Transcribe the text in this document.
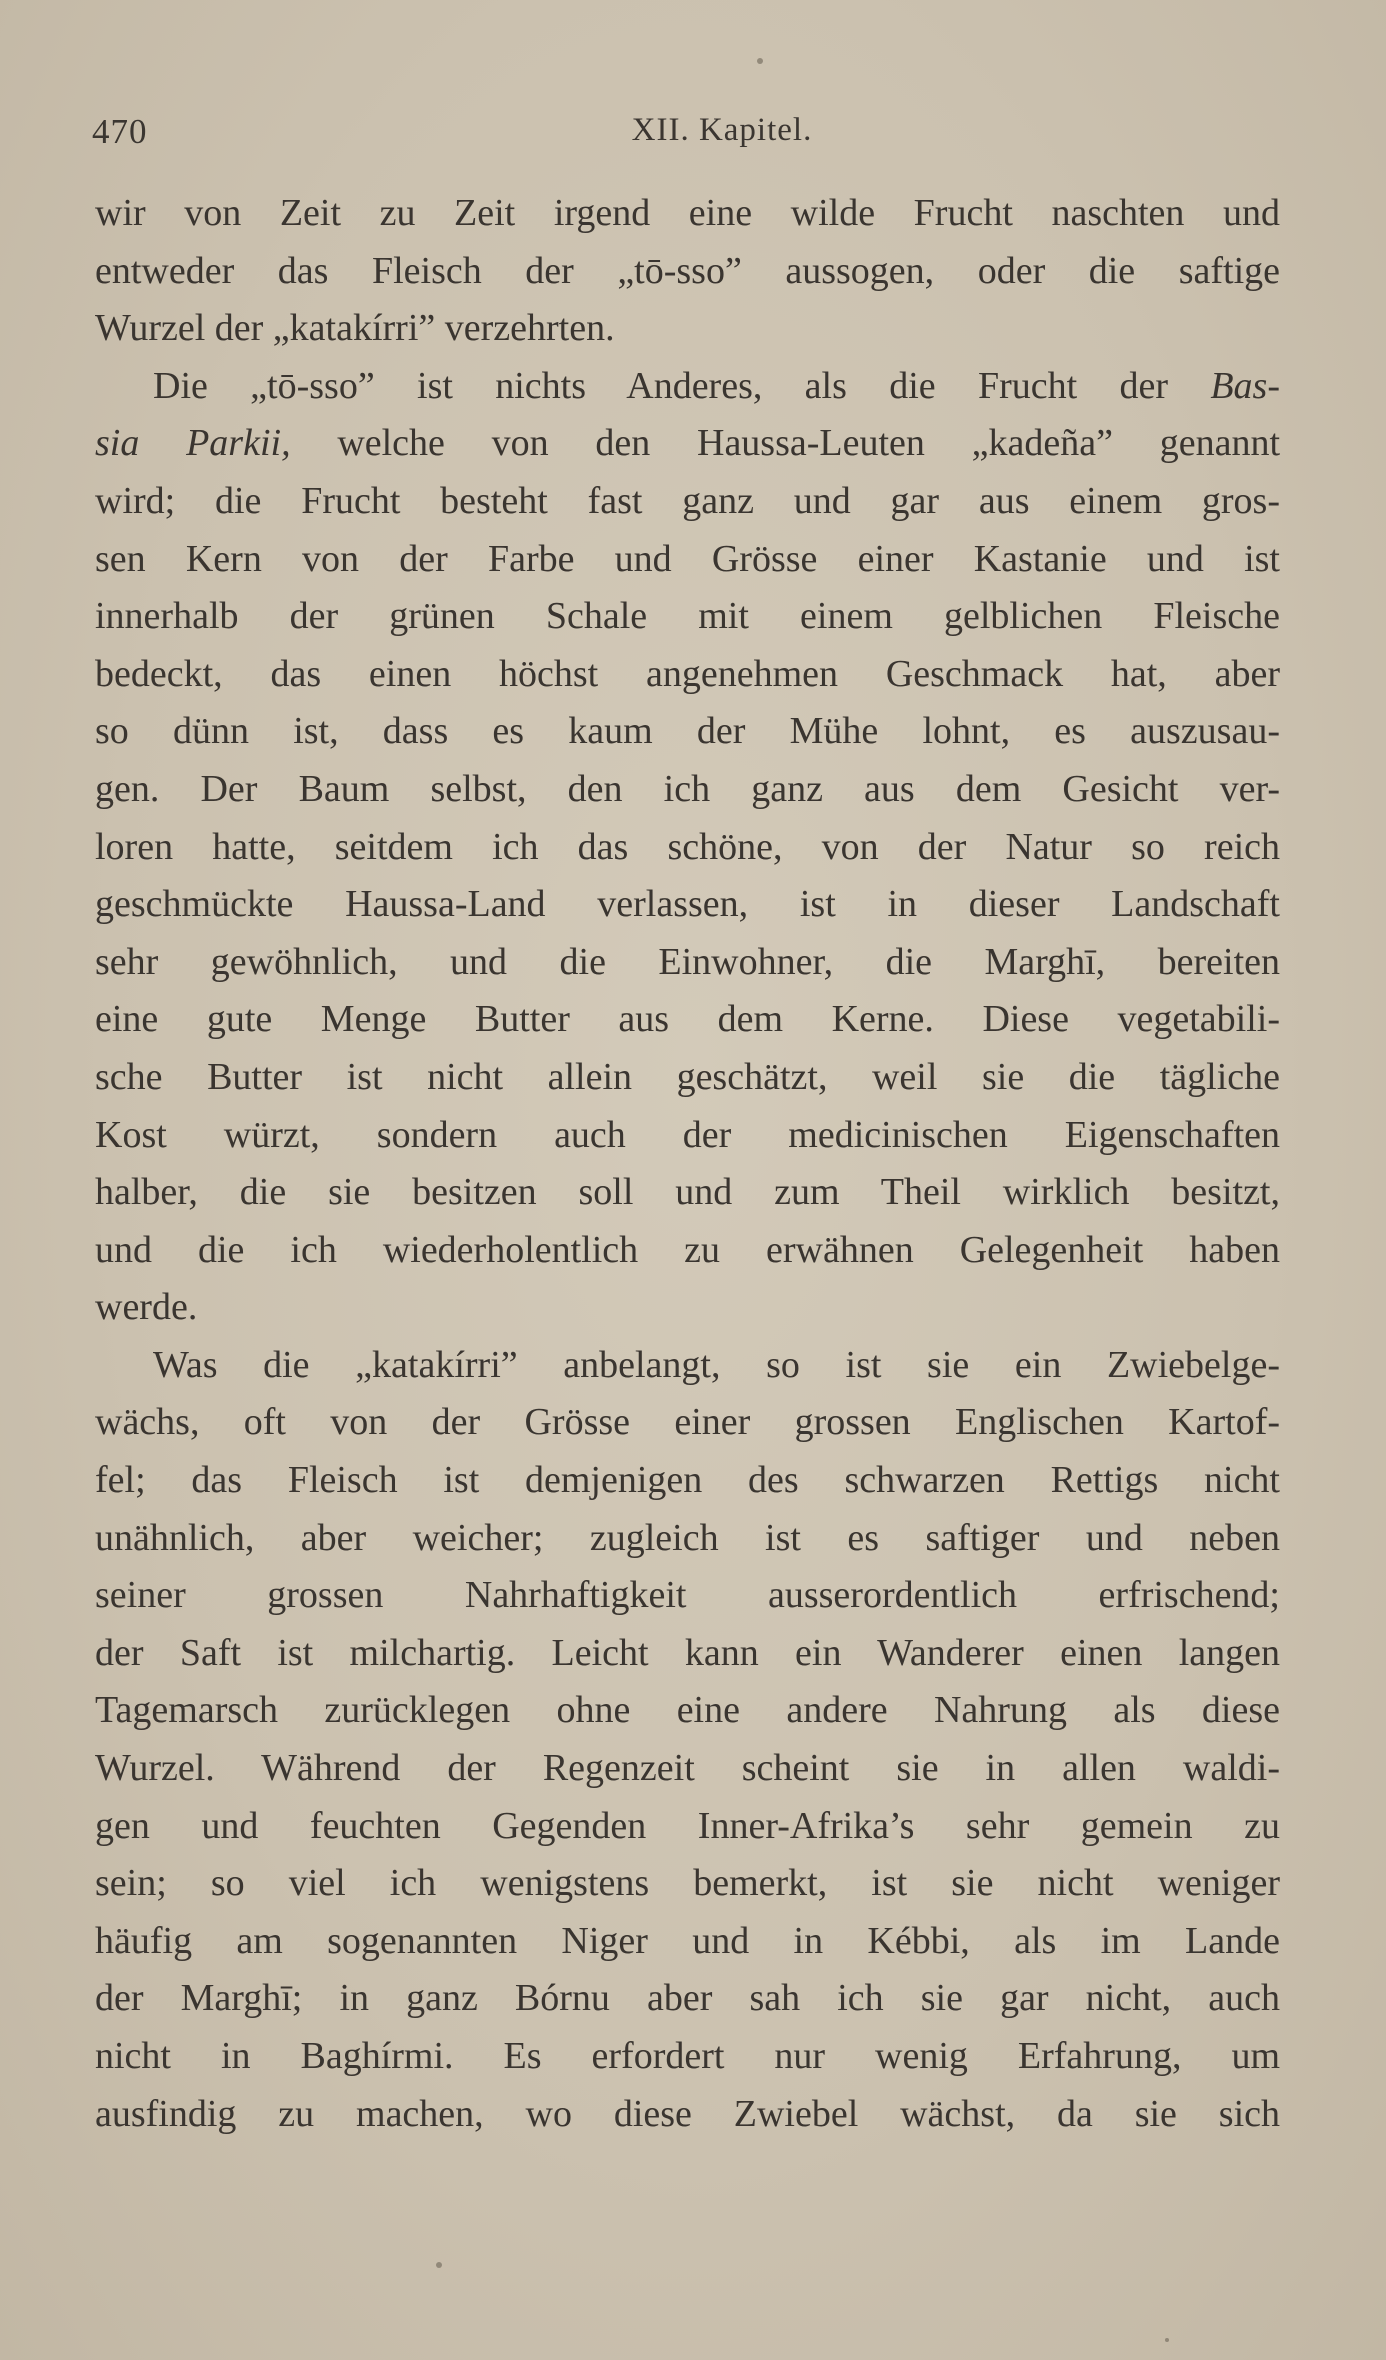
470	XII. Kapitel.
wir von Zeit zu Zeit irgend eine wilde Frucht naschten und
entweder das Fleisch der „tō-sso” aussogen, oder die saftige
Wurzel der „katakírri” verzehrten.
Die „tō-sso” ist nichts Anderes, als die Frucht der Bas-
sia Parkii, welche von den Haussa-Leuten „kadeña” genannt
wird; die Frucht besteht fast ganz und gar aus einem gros-
sen Kern von der Farbe und Grösse einer Kastanie und ist
innerhalb der grünen Schale mit einem gelblichen Fleische
bedeckt, das einen höchst angenehmen Geschmack hat, aber
so dünn ist, dass es kaum der Mühe lohnt, es auszusau-
gen. Der Baum selbst, den ich ganz aus dem Gesicht ver-
loren hatte, seitdem ich das schöne, von der Natur so reich
geschmückte Haussa-Land verlassen, ist in dieser Landschaft
sehr gewöhnlich, und die Einwohner, die Marghī, bereiten
eine gute Menge Butter aus dem Kerne. Diese vegetabili-
sche Butter ist nicht allein geschätzt, weil sie die tägliche
Kost würzt, sondern auch der medicinischen Eigenschaften
halber, die sie besitzen soll und zum Theil wirklich besitzt,
und die ich wiederholentlich zu erwähnen Gelegenheit haben
werde.
Was die „katakírri” anbelangt, so ist sie ein Zwiebelge-
wächs, oft von der Grösse einer grossen Englischen Kartof-
fel; das Fleisch ist demjenigen des schwarzen Rettigs nicht
unähnlich, aber weicher; zugleich ist es saftiger und neben
seiner grossen Nahrhaftigkeit ausserordentlich erfrischend;
der Saft ist milchartig. Leicht kann ein Wanderer einen langen
Tagemarsch zurücklegen ohne eine andere Nahrung als diese
Wurzel. Während der Regenzeit scheint sie in allen waldi-
gen und feuchten Gegenden Inner-Afrika’s sehr gemein zu
sein; so viel ich wenigstens bemerkt, ist sie nicht weniger
häufig am sogenannten Niger und in Kébbi, als im Lande
der Marghī; in ganz Bórnu aber sah ich sie gar nicht, auch
nicht in Baghírmi. Es erfordert nur wenig Erfahrung, um
ausfindig zu machen, wo diese Zwiebel wächst, da sie sich
